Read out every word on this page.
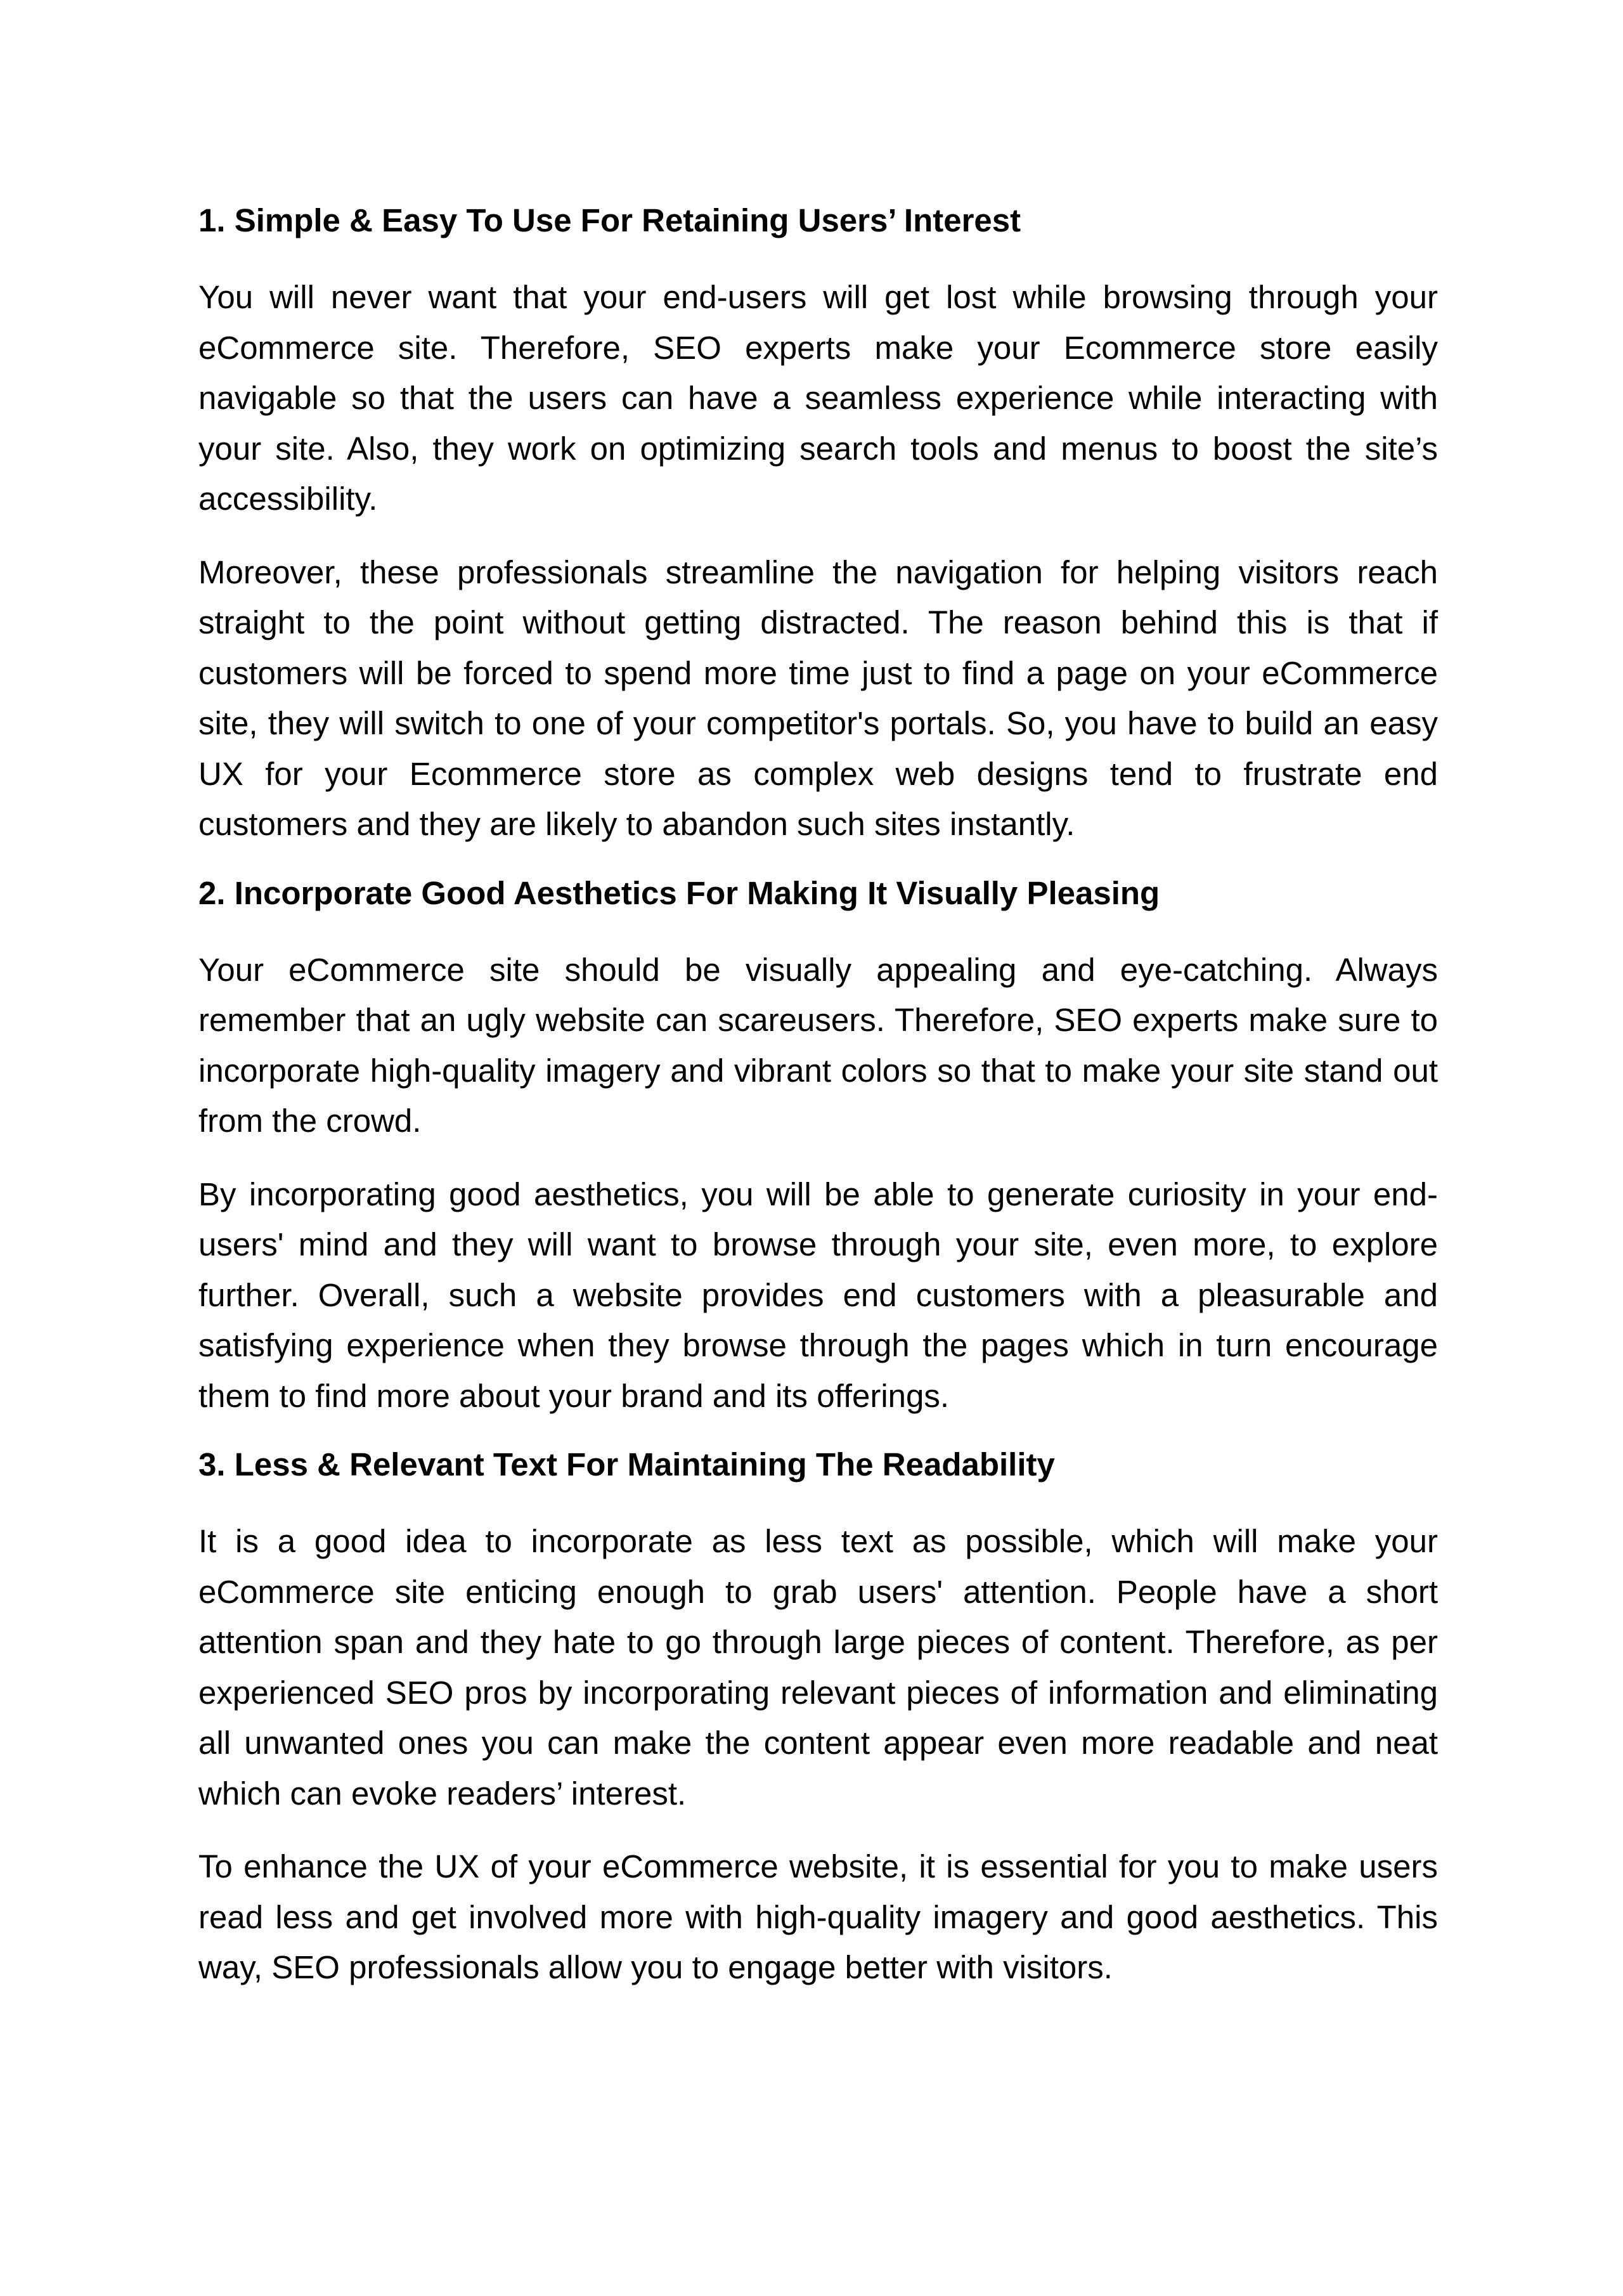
1. Simple & Easy To Use For Retaining Users’ Interest

You will never want that your end-users will get lost while browsing through your eCommerce site. Therefore, SEO experts make your Ecommerce store easily navigable so that the users can have a seamless experience while interacting with your site. Also, they work on optimizing search tools and menus to boost the site’s accessibility.

Moreover, these professionals streamline the navigation for helping visitors reach straight to the point without getting distracted. The reason behind this is that if customers will be forced to spend more time just to find a page on your eCommerce site, they will switch to one of your competitor's portals. So, you have to build an easy UX for your Ecommerce store as complex web designs tend to frustrate end customers and they are likely to abandon such sites instantly.

2. Incorporate Good Aesthetics For Making It Visually Pleasing

Your eCommerce site should be visually appealing and eye-catching. Always remember that an ugly website can scareusers. Therefore, SEO experts make sure to incorporate high-quality imagery and vibrant colors so that to make your site stand out from the crowd.

By incorporating good aesthetics, you will be able to generate curiosity in your end-users' mind and they will want to browse through your site, even more, to explore further. Overall, such a website provides end customers with a pleasurable and satisfying experience when they browse through the pages which in turn encourage them to find more about your brand and its offerings.

3. Less & Relevant Text For Maintaining The Readability

It is a good idea to incorporate as less text as possible, which will make your eCommerce site enticing enough to grab users' attention. People have a short attention span and they hate to go through large pieces of content. Therefore, as per experienced SEO pros by incorporating relevant pieces of information and eliminating all unwanted ones you can make the content appear even more readable and neat which can evoke readers’ interest.

To enhance the UX of your eCommerce website, it is essential for you to make users read less and get involved more with high-quality imagery and good aesthetics. This way, SEO professionals allow you to engage better with visitors.
